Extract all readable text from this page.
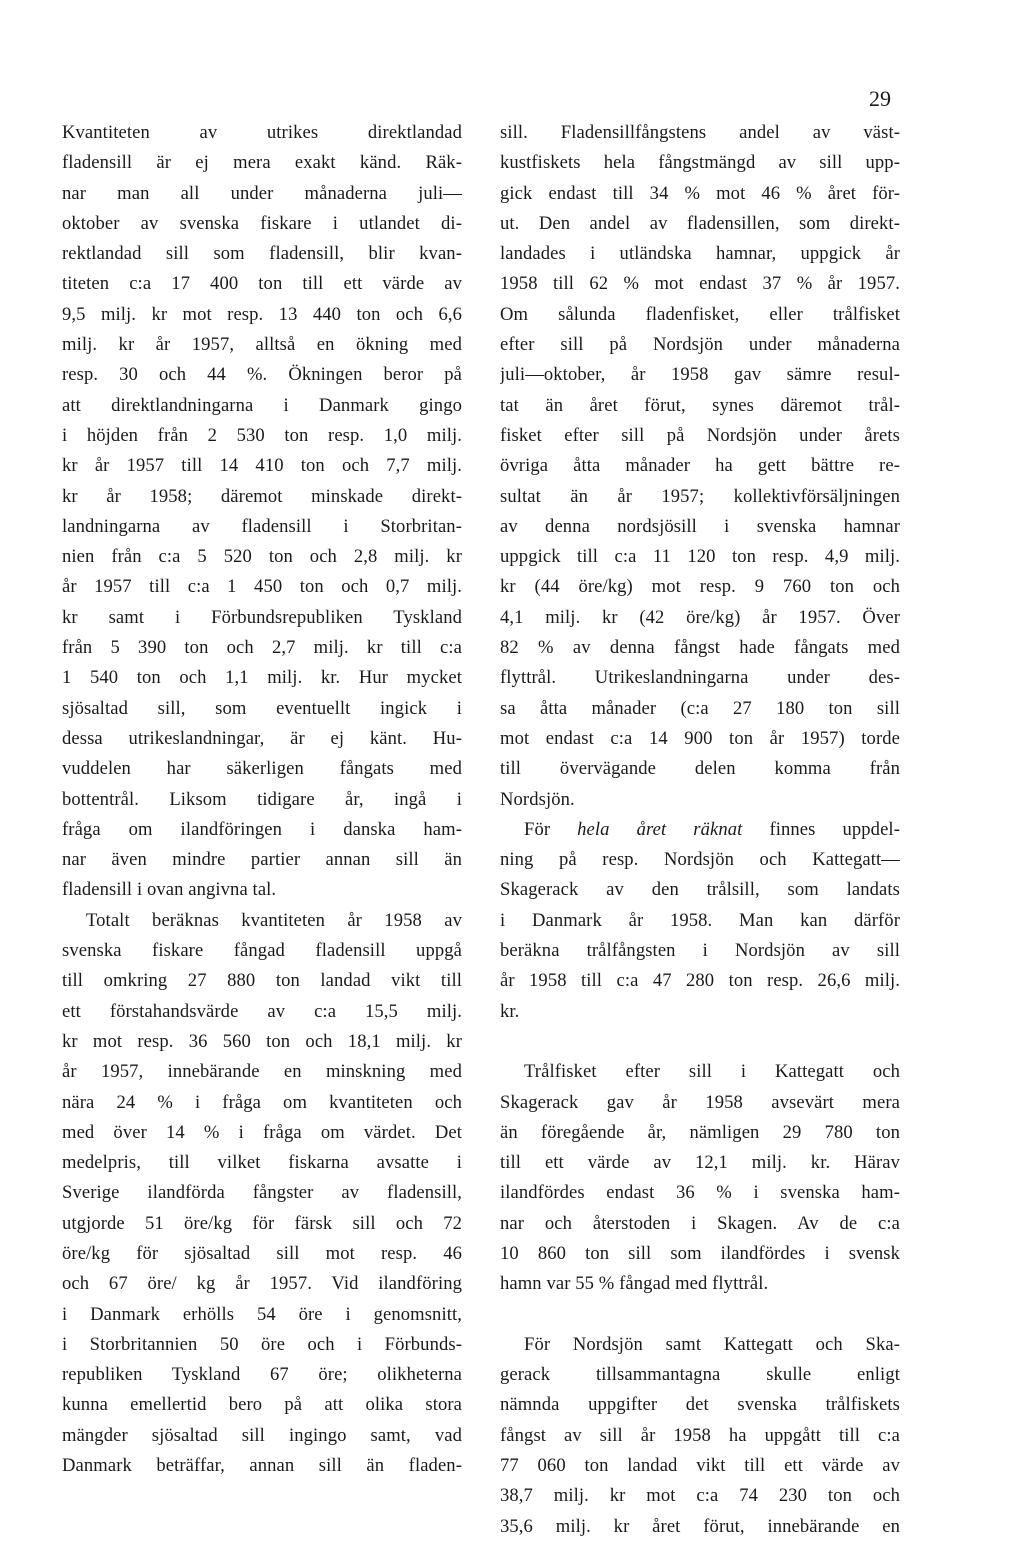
29
Kvantiteten av utrikes direktlandad
fladensill är ej mera exakt känd. Räk-
nar man all under månaderna juli—
oktober av svenska fiskare i utlandet di-
rektlandad sill som fladensill, blir kvan-
titeten c:a 17 400 ton till ett värde av
9,5 milj. kr mot resp. 13 440 ton och 6,6
milj. kr år 1957, alltså en ökning med
resp. 30 och 44 %. Ökningen beror på
att direktlandningarna i Danmark gingo
i höjden från 2 530 ton resp. 1,0 milj.
kr år 1957 till 14 410 ton och 7,7 milj.
kr år 1958; däremot minskade direkt-
landningarna av fladensill i Storbritan-
nien från c:a 5 520 ton och 2,8 milj. kr
år 1957 till c:a 1 450 ton och 0,7 milj.
kr samt i Förbundsrepubliken Tyskland
från 5 390 ton och 2,7 milj. kr till c:a
1 540 ton och 1,1 milj. kr. Hur mycket
sjösaltad sill, som eventuellt ingick i
dessa utrikeslandningar, är ej känt. Hu-
vuddelen har säkerligen fångats med
bottentrål. Liksom tidigare år, ingå i
fråga om ilandföringen i danska ham-
nar även mindre partier annan sill än
fladensill i ovan angivna tal.
Totalt beräknas kvantiteten år 1958 av
svenska fiskare fångad fladensill uppgå
till omkring 27 880 ton landad vikt till
ett förstahandsvärde av c:a 15,5 milj.
kr mot resp. 36 560 ton och 18,1 milj. kr
år 1957, innebärande en minskning med
nära 24 % i fråga om kvantiteten och
med över 14 % i fråga om värdet. Det
medelpris, till vilket fiskarna avsatte i
Sverige ilandförda fångster av fladensill,
utgjorde 51 öre/kg för färsk sill och 72
öre/kg för sjösaltad sill mot resp. 46
och 67 öre/ kg år 1957. Vid ilandföring
i Danmark erhölls 54 öre i genomsnitt,
i Storbritannien 50 öre och i Förbunds-
republiken Tyskland 67 öre; olikheterna
kunna emellertid bero på att olika stora
mängder sjösaltad sill ingingo samt, vad
Danmark beträffar, annan sill än fladen-
sill. Fladensillfångstens andel av väst-
kustfiskets hela fångstmängd av sill upp-
gick endast till 34 % mot 46 % året för-
ut. Den andel av fladensillen, som direkt-
landades i utländska hamnar, uppgick år
1958 till 62 % mot endast 37 % år 1957.
Om sålunda fladenfisket, eller trålfisket
efter sill på Nordsjön under månaderna
juli—oktober, år 1958 gav sämre resul-
tat än året förut, synes däremot trål-
fisket efter sill på Nordsjön under årets
övriga åtta månader ha gett bättre re-
sultat än år 1957; kollektivförsäljningen
av denna nordsjösill i svenska hamnar
uppgick till c:a 11 120 ton resp. 4,9 milj.
kr (44 öre/kg) mot resp. 9 760 ton och
4,1 milj. kr (42 öre/kg) år 1957. Över
82 % av denna fångst hade fångats med
flyttrål. Utrikeslandningarna under des-
sa åtta månader (c:a 27 180 ton sill
mot endast c:a 14 900 ton år 1957) torde
till övervägande delen komma från
Nordsjön.
För hela året räknat finnes uppdel-
ning på resp. Nordsjön och Kattegatt—
Skagerack av den trålsill, som landats
i Danmark år 1958. Man kan därför
beräkna trålfångsten i Nordsjön av sill
år 1958 till c:a 47 280 ton resp. 26,6 milj.
kr.
Trålfisket efter sill i Kattegatt och
Skagerack gav år 1958 avsevärt mera
än föregående år, nämligen 29 780 ton
till ett värde av 12,1 milj. kr. Härav
ilandfördes endast 36 % i svenska ham-
nar och återstoden i Skagen. Av de c:a
10 860 ton sill som ilandfördes i svensk
hamn var 55 % fångad med flyttrål.
För Nordsjön samt Kattegatt och Ska-
gerack tillsammantagna skulle enligt
nämnda uppgifter det svenska trålfiskets
fångst av sill år 1958 ha uppgått till c:a
77 060 ton landad vikt till ett värde av
38,7 milj. kr mot c:a 74 230 ton och
35,6 milj. kr året förut, innebärande en
